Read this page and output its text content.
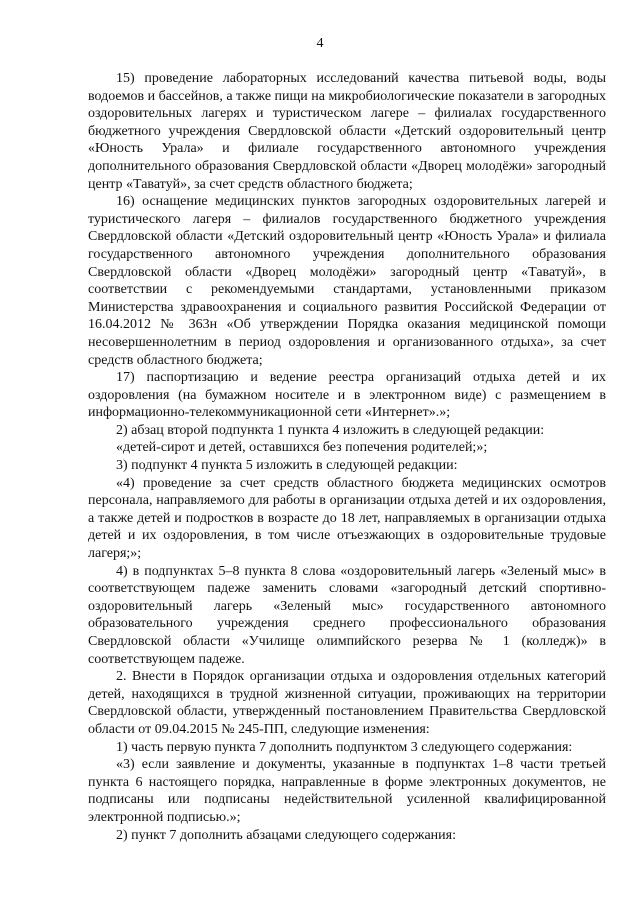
4

15) проведение лабораторных исследований качества питьевой воды, воды водоемов и бассейнов, а также пищи на микробиологические показатели в загородных оздоровительных лагерях и туристическом лагере – филиалах государственного бюджетного учреждения Свердловской области «Детский оздоровительный центр «Юность Урала» и филиале государственного автономного учреждения дополнительного образования Свердловской области «Дворец молодёжи» загородный центр «Таватуй», за счет средств областного бюджета;

16) оснащение медицинских пунктов загородных оздоровительных лагерей и туристического лагеря – филиалов государственного бюджетного учреждения Свердловской области «Детский оздоровительный центр «Юность Урала» и филиала государственного автономного учреждения дополнительного образования Свердловской области «Дворец молодёжи» загородный центр «Таватуй», в соответствии с рекомендуемыми стандартами, установленными приказом Министерства здравоохранения и социального развития Российской Федерации от 16.04.2012 № 363н «Об утверждении Порядка оказания медицинской помощи несовершеннолетним в период оздоровления и организованного отдыха», за счет средств областного бюджета;

17) паспортизацию и ведение реестра организаций отдыха детей и их оздоровления (на бумажном носителе и в электронном виде) с размещением в информационно-телекоммуникационной сети «Интернет».»;

2) абзац второй подпункта 1 пункта 4 изложить в следующей редакции:

«детей-сирот и детей, оставшихся без попечения родителей;»;

3) подпункт 4 пункта 5 изложить в следующей редакции:

«4) проведение за счет средств областного бюджета медицинских осмотров персонала, направляемого для работы в организации отдыха детей и их оздоровления, а также детей и подростков в возрасте до 18 лет, направляемых в организации отдыха детей и их оздоровления, в том числе отъезжающих в оздоровительные трудовые лагеря;»;

4) в подпунктах 5–8 пункта 8 слова «оздоровительный лагерь «Зеленый мыс» в соответствующем падеже заменить словами «загородный детский спортивно-оздоровительный лагерь «Зеленый мыс» государственного автономного образовательного учреждения среднего профессионального образования Свердловской области «Училище олимпийского резерва № 1 (колледж)» в соответствующем падеже.

2. Внести в Порядок организации отдыха и оздоровления отдельных категорий детей, находящихся в трудной жизненной ситуации, проживающих на территории Свердловской области, утвержденный постановлением Правительства Свердловской области от 09.04.2015 № 245-ПП, следующие изменения:

1) часть первую пункта 7 дополнить подпунктом 3 следующего содержания:

«3) если заявление и документы, указанные в подпунктах 1–8 части третьей пункта 6 настоящего порядка, направленные в форме электронных документов, не подписаны или подписаны недействительной усиленной квалифицированной электронной подписью.»;

2) пункт 7 дополнить абзацами следующего содержания:
